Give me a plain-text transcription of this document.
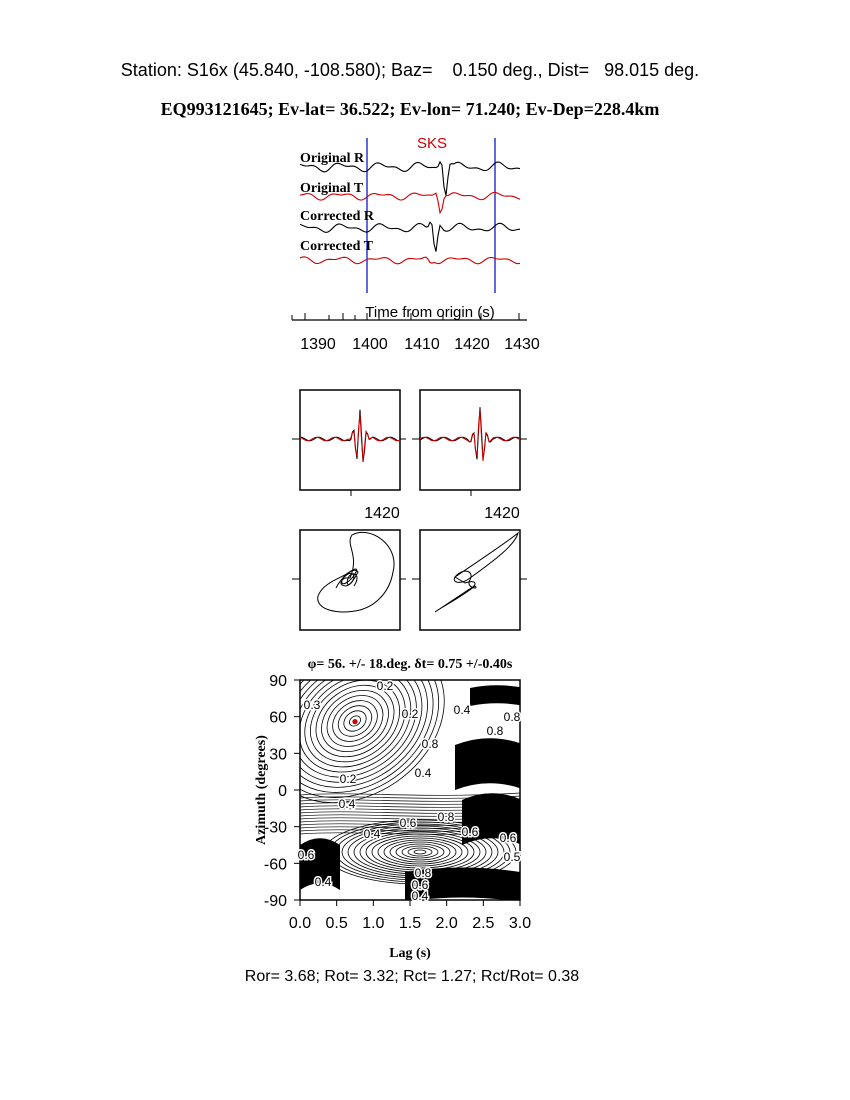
Station: S16x (45.840, -108.580); Baz=    0.150 deg., Dist=   98.015 deg.
EQ993121645; Ev-lat= 36.522; Ev-lon= 71.240; Ev-Dep=228.4km
SKS
Original R
Original T
Corrected R
Corrected T
Time from origin (s)
1390 1400 1410 1420 1430
1420	1420
φ= 56. +/- 18.deg. δt= 0.75 +/-0.40s
0.2
0.3
0.2	0.4	0.8
0.8
0.8
0.4
0.2
0.4
0.6 0.8
0.4	0.6
0.5
0.6
0.8
0.6
0.4
0.4
0.6
0.0 0.5 1.0 1.5 2.0 2.5 3.0
90
60
30
0
-30
-60
-90
Lag (s)
Azimuth (degrees)
Ror= 3.68; Rot= 3.32; Rct= 1.27; Rct/Rot= 0.38
